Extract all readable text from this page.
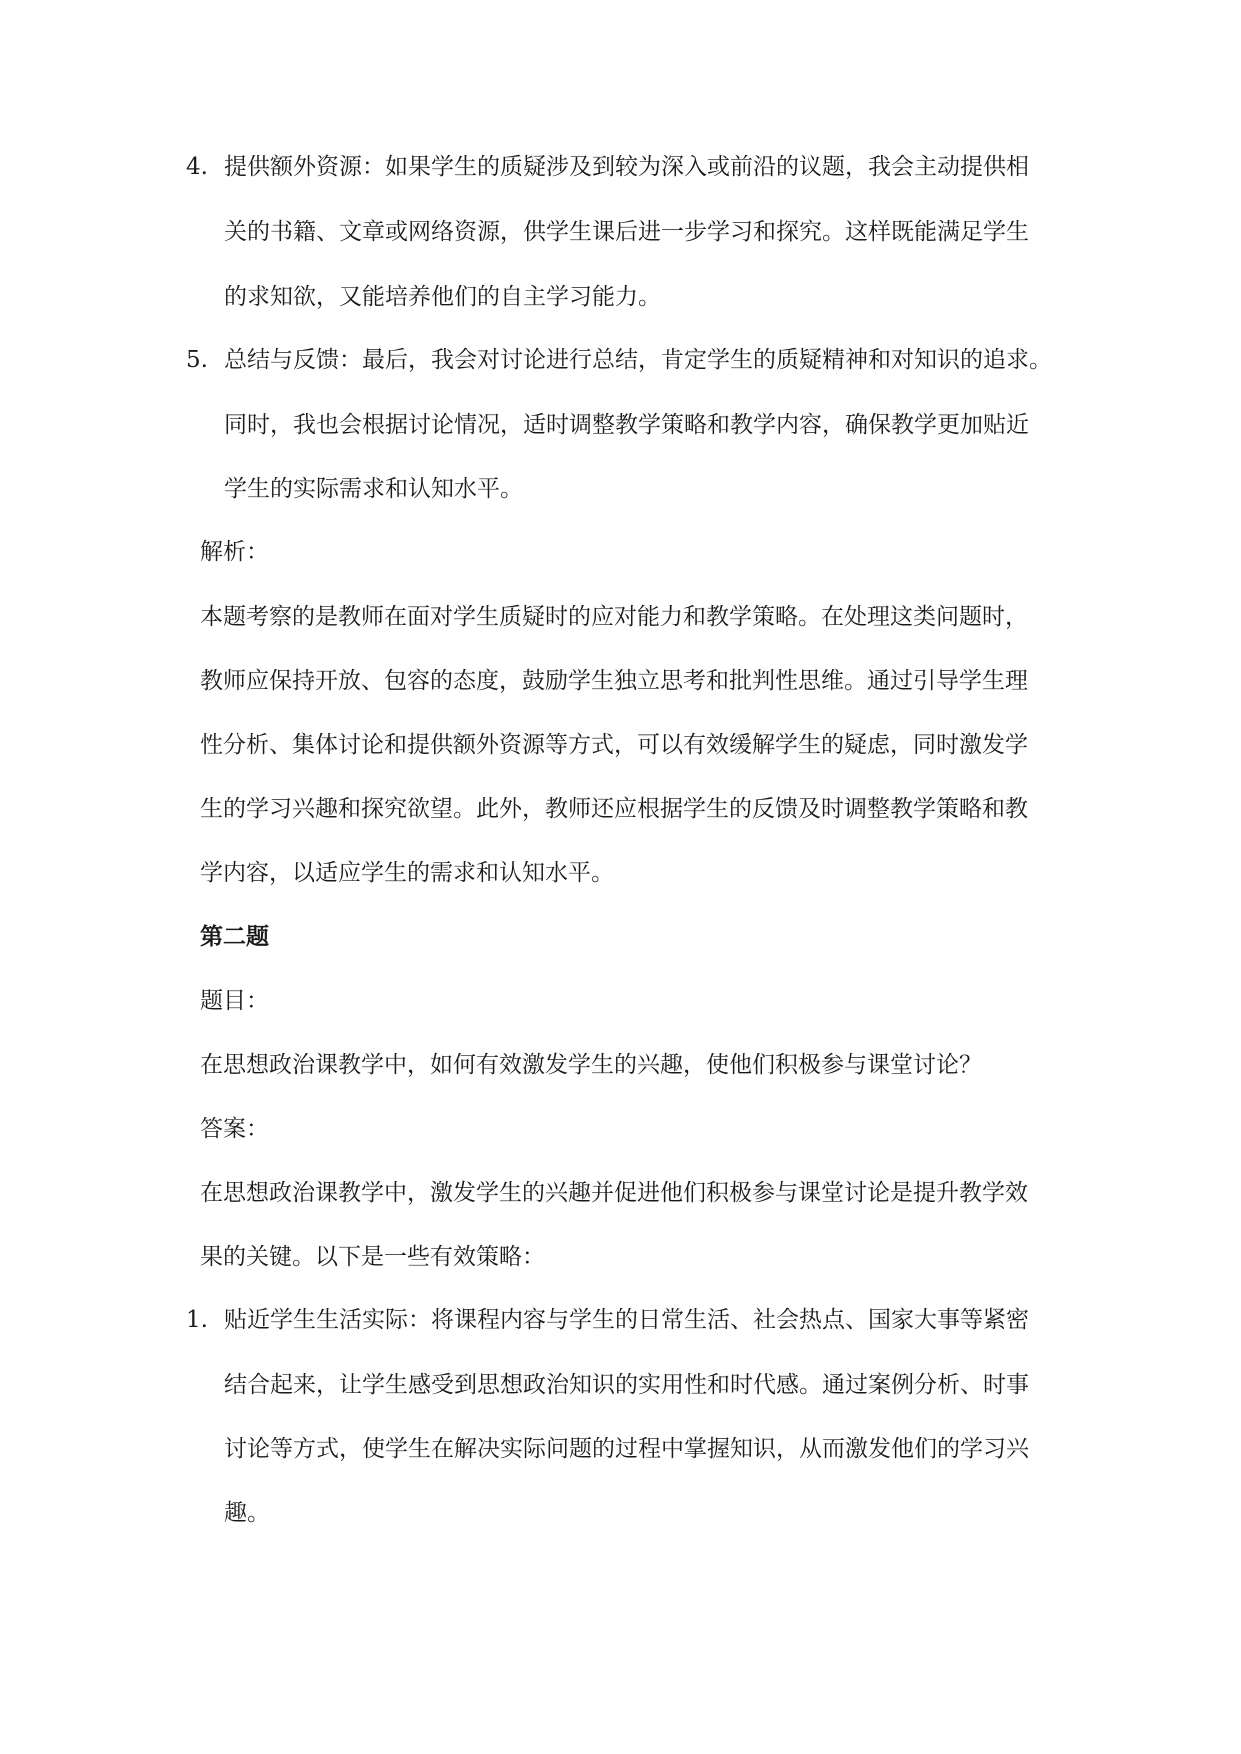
4. 提供额外资源：如果学生的质疑涉及到较为深入或前沿的议题，我会主动提供相
关的书籍、文章或网络资源，供学生课后进一步学习和探究。这样既能满足学生
的求知欲，又能培养他们的自主学习能力。
5. 总结与反馈：最后，我会对讨论进行总结，肯定学生的质疑精神和对知识的追求。
同时，我也会根据讨论情况，适时调整教学策略和教学内容，确保教学更加贴近
学生的实际需求和认知水平。
解析：
本题考察的是教师在面对学生质疑时的应对能力和教学策略。在处理这类问题时，
教师应保持开放、包容的态度，鼓励学生独立思考和批判性思维。通过引导学生理
性分析、集体讨论和提供额外资源等方式，可以有效缓解学生的疑虑，同时激发学
生的学习兴趣和探究欲望。此外，教师还应根据学生的反馈及时调整教学策略和教
学内容，以适应学生的需求和认知水平。
第二题
题目：
在思想政治课教学中，如何有效激发学生的兴趣，使他们积极参与课堂讨论？
答案：
在思想政治课教学中，激发学生的兴趣并促进他们积极参与课堂讨论是提升教学效
果的关键。以下是一些有效策略：
1. 贴近学生生活实际：将课程内容与学生的日常生活、社会热点、国家大事等紧密
结合起来，让学生感受到思想政治知识的实用性和时代感。通过案例分析、时事
讨论等方式，使学生在解决实际问题的过程中掌握知识，从而激发他们的学习兴
趣。
